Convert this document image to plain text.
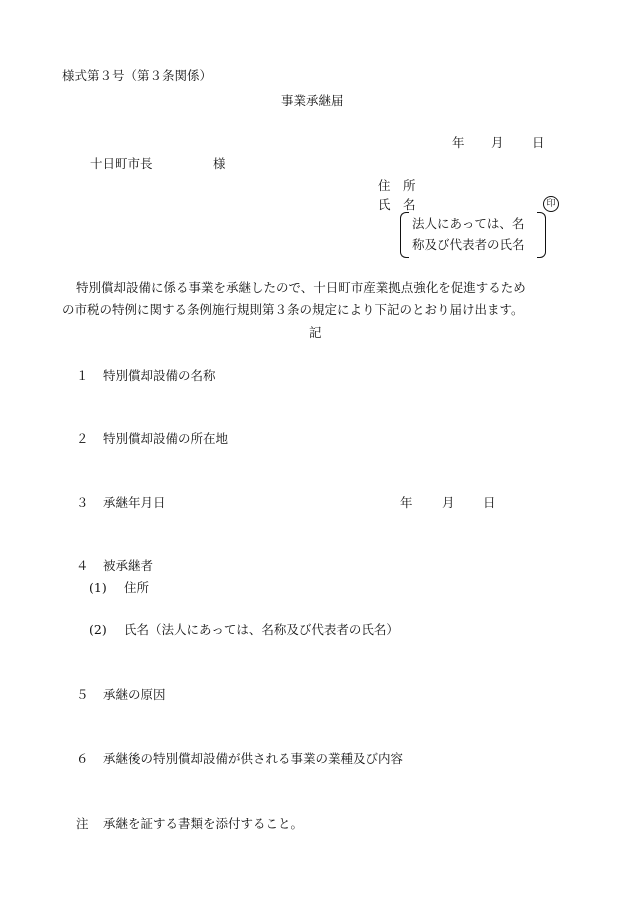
様式第３号（第３条関係）
事業承継届
年 月 日
十日町市長	様
住　所
氏　名	印
法人にあっては、名
称及び代表者の氏名
特別償却設備に係る事業を承継したので、十日町市産業拠点強化を促進するため
の市税の特例に関する条例施行規則第３条の規定により下記のとおり届け出ます。
記
１ 特別償却設備の名称
２ 特別償却設備の所在地
３ 承継年月日	年 月 日
４ 被承継者
(1) 住所
(2) 氏名（法人にあっては、名称及び代表者の氏名）
５ 承継の原因
６ 承継後の特別償却設備が供される事業の業種及び内容
注 承継を証する書類を添付すること。
